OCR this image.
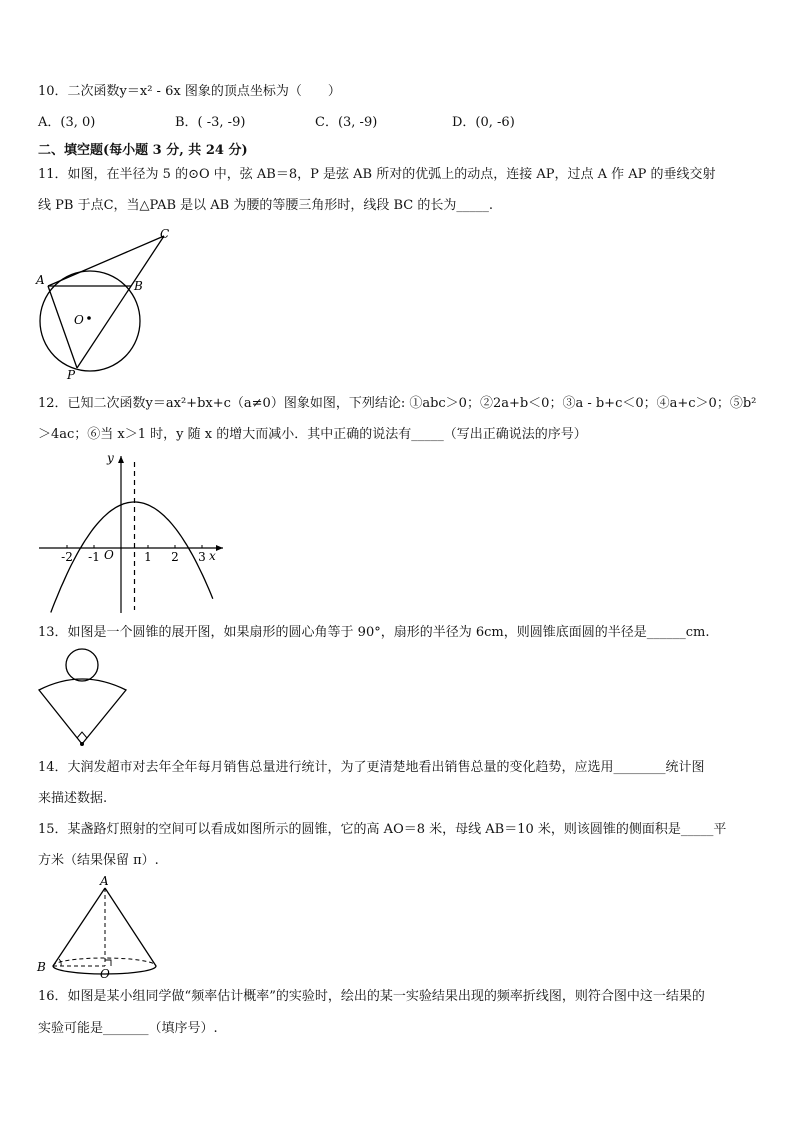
10．二次函数y＝x² - 6x 图象的顶点坐标为（　　）
A．(3, 0)	B．( -3, -9)	C．(3, -9)	D．(0, -6)
二、填空题(每小题 3 分, 共 24 分)
11．如图，在半径为 5 的⊙O 中，弦 AB＝8，P 是弦 AB 所对的优弧上的动点，连接 AP，过点 A 作 AP 的垂线交射
线 PB 于点C，当△PAB 是以 AB 为腰的等腰三角形时，线段 BC 的长为_____.
A	B
C
O
P
12．已知二次函数y＝ax²+bx+c（a≠0）图象如图，下列结论: ①abc＞0；②2a+b＜0；③a - b+c＜0；④a+c＞0；⑤b²
＞4ac；⑥当 x＞1 时，y 随 x 的增大而减小．其中正确的说法有_____（写出正确说法的序号）
-2 -1	1 2 3
O	x
y
13．如图是一个圆锥的展开图，如果扇形的圆心角等于 90°，扇形的半径为 6cm，则圆锥底面圆的半径是______cm.
14．大润发超市对去年全年每月销售总量进行统计，为了更清楚地看出销售总量的变化趋势，应选用________统计图
来描述数据.
15．某盏路灯照射的空间可以看成如图所示的圆锥，它的高 AO＝8 米，母线 AB＝10 米，则该圆锥的侧面积是_____平
方米（结果保留 π）.
A
B	O
16．如图是某小组同学做“频率估计概率”的实验时，绘出的某一实验结果出现的频率折线图，则符合图中这一结果的
实验可能是_______（填序号）.
